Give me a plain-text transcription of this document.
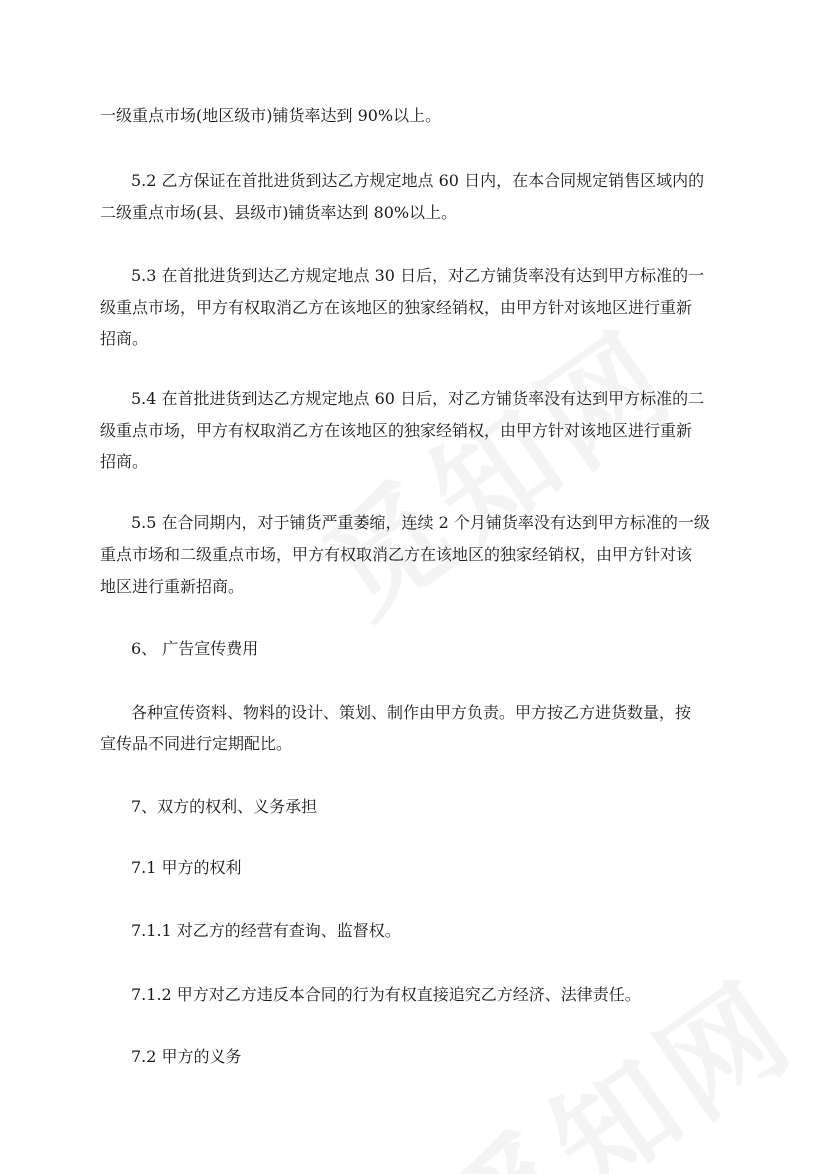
一级重点市场(地区级市)铺货率达到 90%以上。
5.2 乙方保证在首批进货到达乙方规定地点 60 日内，在本合同规定销售区域内的
二级重点市场(县、县级市)铺货率达到 80%以上。
5.3 在首批进货到达乙方规定地点 30 日后，对乙方铺货率没有达到甲方标准的一
级重点市场，甲方有权取消乙方在该地区的独家经销权，由甲方针对该地区进行重新
招商。
5.4 在首批进货到达乙方规定地点 60 日后，对乙方铺货率没有达到甲方标准的二
级重点市场，甲方有权取消乙方在该地区的独家经销权，由甲方针对该地区进行重新
招商。
5.5 在合同期内，对于铺货严重萎缩，连续 2 个月铺货率没有达到甲方标准的一级
重点市场和二级重点市场，甲方有权取消乙方在该地区的独家经销权，由甲方针对该
地区进行重新招商。
6、 广告宣传费用
各种宣传资料、物料的设计、策划、制作由甲方负责。甲方按乙方进货数量，按
宣传品不同进行定期配比。
7、双方的权利、义务承担
7.1 甲方的权利
7.1.1 对乙方的经营有查询、监督权。
7.1.2 甲方对乙方违反本合同的行为有权直接追究乙方经济、法律责任。
7.2 甲方的义务
